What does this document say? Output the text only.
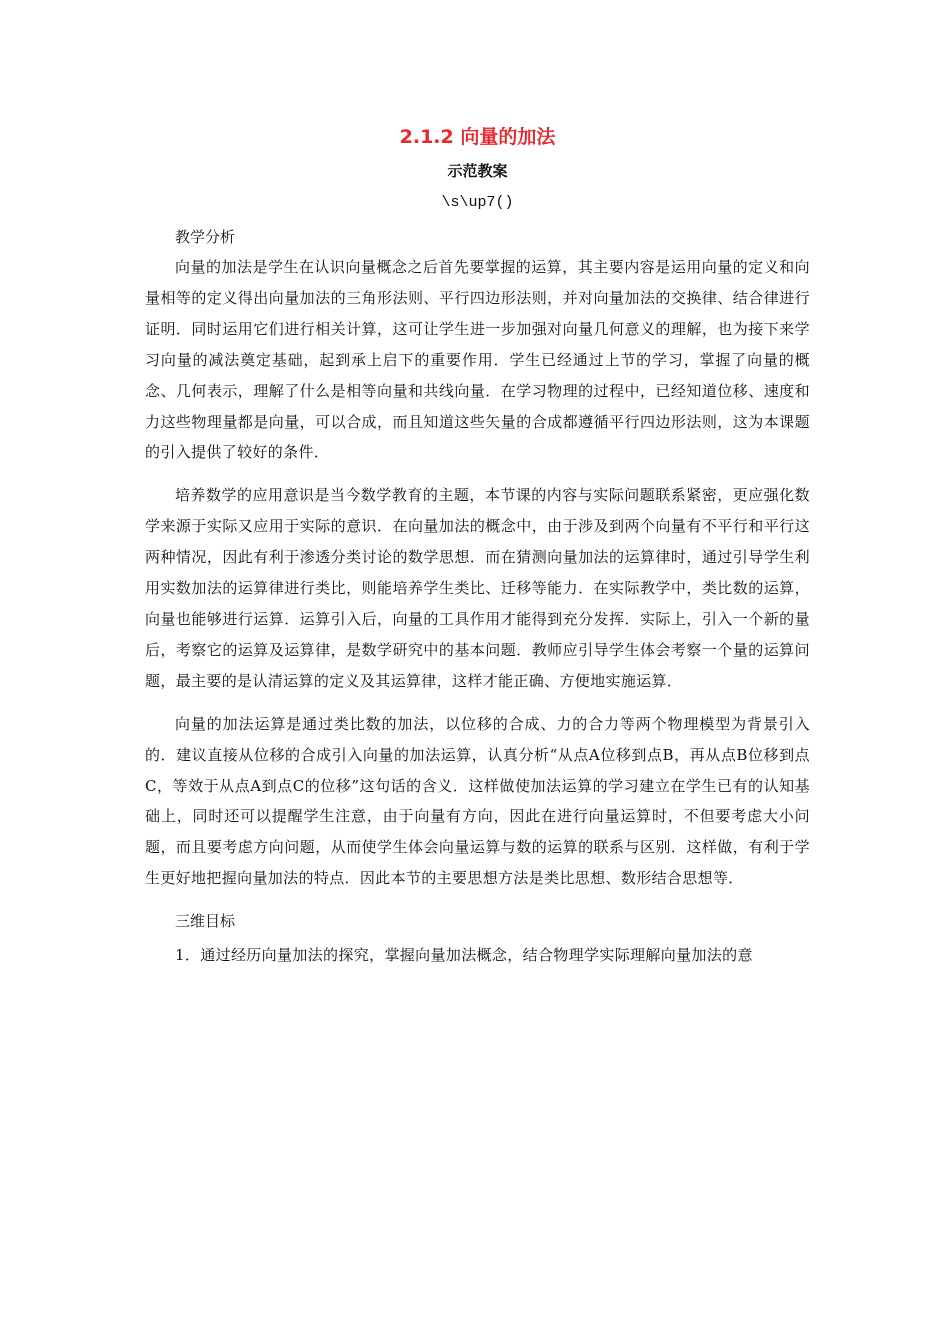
2.1.2 向量的加法
示范教案
\s\up7()
教学分析

向量的加法是学生在认识向量概念之后首先要掌握的运算，其主要内容是运用向量的定义和向量相等的定义得出向量加法的三角形法则、平行四边形法则，并对向量加法的交换律、结合律进行证明．同时运用它们进行相关计算，这可让学生进一步加强对向量几何意义的理解，也为接下来学习向量的减法奠定基础，起到承上启下的重要作用．学生已经通过上节的学习，掌握了向量的概念、几何表示，理解了什么是相等向量和共线向量．在学习物理的过程中，已经知道位移、速度和力这些物理量都是向量，可以合成，而且知道这些矢量的合成都遵循平行四边形法则，这为本课题的引入提供了较好的条件．

培养数学的应用意识是当今数学教育的主题，本节课的内容与实际问题联系紧密，更应强化数学来源于实际又应用于实际的意识．在向量加法的概念中，由于涉及到两个向量有不平行和平行这两种情况，因此有利于渗透分类讨论的数学思想．而在猜测向量加法的运算律时，通过引导学生利用实数加法的运算律进行类比，则能培养学生类比、迁移等能力．在实际教学中，类比数的运算，向量也能够进行运算．运算引入后，向量的工具作用才能得到充分发挥．实际上，引入一个新的量后，考察它的运算及运算律，是数学研究中的基本问题．教师应引导学生体会考察一个量的运算问题，最主要的是认清运算的定义及其运算律，这样才能正确、方便地实施运算．

向量的加法运算是通过类比数的加法，以位移的合成、力的合力等两个物理模型为背景引入的．建议直接从位移的合成引入向量的加法运算，认真分析“从点A位移到点B，再从点B位移到点C，等效于从点A到点C的位移”这句话的含义．这样做使加法运算的学习建立在学生已有的认知基础上，同时还可以提醒学生注意，由于向量有方向，因此在进行向量运算时，不但要考虑大小问题，而且要考虑方向问题，从而使学生体会向量运算与数的运算的联系与区别．这样做，有利于学生更好地把握向量加法的特点．因此本节的主要思想方法是类比思想、数形结合思想等．

三维目标

1．通过经历向量加法的探究，掌握向量加法概念，结合物理学实际理解向量加法的意
